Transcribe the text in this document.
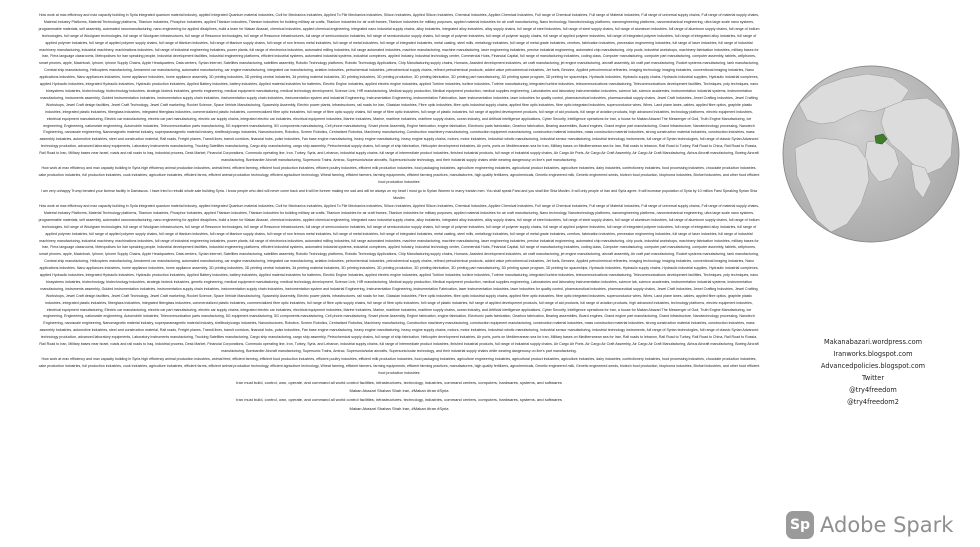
How work at max efficiency and max capacity building in Syria integrated quantum material industry, applied Integrated Quantum material industries, Civil for Mechanics industries, Applied To File Mechanics industries, Silicon Industries, Applied Silicon Industries, Chemical Industries, Applied Chemical Industries, Full range of Chemical industries, Full range of Material industries, Full range of universal supply chains, Full range of material supply chains, Material Industry Platforms, Material Technology platforms, Titanium industries, Phosphor Industries, applied Titanium industries, Titanium industries for building military air crafts, Titanium industries for air craft frames, Titanium industries for military purposes, applied material industries for air craft manufacturing, Nano technology, Nanotechnology platforms, nanoengineering platforms, nanomechanical engineering, ultra large scale nano systems, programmable materials, self assembly, automated nanomanufacturing, nano engineering for applied disciplines, build a team for Makan Abazari, chemical industries, applied chemical engineering, integrated nano industrial supply chains, alloy industries, integrated alloy industries, alloy supply chains, full range of steel industries, full range of steel supply chains, full range of aluminum industries, full range of aluminum supply chains, full range of Indium technologies, full range of Woolgram technologies, full range of Woolgram infrastructures, full range of Ressonce technologies, full range of Ressonce infrastructures, full range of semiconductor industries, full range of semiconductor supply chains, full range of polymer industries, full range of polymer supply chains, full range of applied polymer industries, full range of integrated polymer industries, full range of integrated alloy industries, full range of applied polymer industries, full range of applied polymer supply chains, full range of titanium industries, full range of titanium supply chains, full range of non ferrous metal industries, full range of metal industries, full range of integrated industries, metal casting, steel mills, metallurgy industries, full range of metal grade industries, cemfors, fabrication industries, precession engineering industries, full range of laser industries, full range of industrial machinery manufacturing, industrial machinery, machinations industries, full range of industrial engineering industries, power plants, full range of electronics industries, automated milling industries, full range automated industries, machine manufacturing, machine manufacturing, laser engineering industries, precise industrial engineering, automated chip manufacturing, chip pools, industrial workshops, machinery fabrication industries, military bases for Iran, Fiera language classrooms, Metropolises for Iran speaking people, Industrial development facilities, industrial engineering platforms, efficient industrial systems, automated industrial systems, industrial complexes, applied Industry, Industrial technology center, Commercial Hubs, Financial Capital, full range of manufacturing industries, coding class, Computer manufacturing, computer part manufacturing, computer assembly, tablets, cellphones, smart phones, apple, Macintosh, Iphone, Iphone Supply Chains, Apple Headquarters, Data centers, Syrian internet, Satellites manufacturing, satellites assembly, Robotic Technology platforms, Robotic Technology Applications, Chip Manufacturing supply chains, Humans, Assisted development industries, air craft manufacturing, jet engine manufacturing, aircraft assembly, Air craft part manufacturing, Rocket systems manufacturing, tank manufacturing, Combat ship manufacturing, Helicopters manufacturing, Armament car manufacturing, automated manufacturing, car engine manufacturing, integrated car manufacturing, aviation industries, petrochemical industries, petrochemical supply chains, refined petrochemical products, added value petrochemical industries, Jet fuels, Benzine, Applied petrochemical refineries, Imaging technology, imaging industries, conventional imaging industries, Nano applications industries, Nano appliances industries, home appliance industries, home appliance assembly, 3D printing industries, 3D printing central industries, 3d printing material industries, 3D printing industries, 3D printing production, 3D printing fabrication, 3D printing part manufacturing, 3D printing space program, 3D printing for spaceships, Hydraulic industries, Hydraulic supply chains, Hydraulic industrial supplies, Hydraulic industrial complexes, applied Hydraulic industries, integrated Hydraulic industries, Hydraulic production industries, Applied Battery industries, battery industries, Applied material industries for batteries, Electric Engine industries, applied electric engine industries, applied Turbine industries, turbine industries, Turbine manufacturing, integrated turbine industries, telecommunications manufacturing, Telecommunications development facilities, Techniques, poly techniques, nano biosystems industries, biotechnology, biotechnology industries, strategic bioteck industries, genetic engineering, medical equipment manufacturing, medical technology development, Science Link, HIR manufacturing, Medical supply production, Medical equipment production, medical supplies engineering, Laboratories and laboratory instrumentation industries, science lab, science academies, instrumentation industrial systems, instrumentation manufacturing, instruments assembly, Guided instrumentation industries, instrumentation supply chain industries, instrumentation supply chain industries, instrumentation system and industrial Engineering, Instrumentation Engineering, instrumentation Fabrication, laser instrumentation industries, laser industries for quality control, pharmaceutical industries, pharmaceutical supply chains, Jewel Craft Industries, Jewel Crafting Industries, Jewel Crafting Workshops, Jewel Craft design facilities, Jewel Craft Technology, Jewel Craft marketing, Rocket Science, Space Vehicle Manufacturing, Spaceship Assembly, Electric power plants, infrastructures, rail roads for Iran, Glassian industries, Fibre optic industries, fibre optic industrial supply chains, applied fibre optic industries, fibre optic integrated industries, superconductor wires, Wires, Land plane lanes, cables, applied fibre optics, graphite plastic industries, integrated plastic industries, fiberglass industries, integrated fiberglass industries, commercialized plastic industries, commercialized fibre optic industries, full range of fibre optic supply chains, full range of fibre optic industries, full range of plastic industries, full range of applied development products, full range of aid products, full range of aviation products, high advanced industries, technology platforms, electric equipment industries, electrical equipment manufacturing, Electric car manufacturing, electric car part manufacturing, electric car supply chains, integrated electric car industries, electrical equipment industries, Marine Industries, Marine, maritime industries, maritime supply chains, ocean industry, and Artificial intelligence applications, Cyber Security, Intelligence operations for Iran, a house for Makan Abazari The Messenger of God, Truth Engine Manufacturing, Ice engineering, Engineering, nationwide engineering, Automobile industries, Telecommunication parts manufacturing, 5G equipment manufacturing, 5G components manufacturing, Cell phone manufacturing, Smart phone Assembly, Engine fabrication, engine fabrication, Electronic parts fabrication, Gearbox fabrication, Bearing assemblies, Board engines, Grand engine part manufacturing, Grand infrastructure, Nanotechnology processing, Nanotech Engineering, nanoscale engineering, Nanomagnetic material industry, superparamagnetic material industry, shellbody/cargo industries, Nanostructures, Robotics, Screen Robotics, Centralized Robotics, Machinery manufacturing, Construction machinery manufacturing, construction equipment manufacturing, construction material industries, mass construction material industries, strong construction material industries, construction industries, mass assembly industries, automotive industries, steel and construction material, Rail roads, Freight planes, Transit lines, transit corridors, financial hubs, pulse industries, Fan base engine manufacturing, heavy engine manufacturing, heavy engine supply chains, motors, motor industries, Industrial robotic manufacturing, Industrial sensor manufacturing, industrial technology instruments, full range of Syrian technologies, full range of classic Syrian Advanced technology production, advanced laboratory equipments, Laboratory Instruments manufacturing, Trucking Satellites manufacturing, Cargo ship manufacturing, cargo ship assembly, Petrochemical supply chains, full range of ship fabrication, Helicopter development industries, Air ports, ports on Mediterranean sea for Iran, Military bases on Mediterranean sea for Iran, Rail roads to lebanon, Rail Road to Turkey, Rail Road to China, Rail Road to Russia, Rail Road to Iran, Military bases near Israel, roads and rail roads to Iraq, industrial process, Desk Market, Financial Corporations, Commodo operating line, Iron, Turkey, Syria, and Lebanon, industrial supply chains, full range of intermediate product industries, finished industrial products, full range of industrial supply chains, Air Cargo Air Ports, Air Cargo Air Craft Assembly, Air Cargo Air Craft Manufacturing, Airbus Aircraft manufacturing, Boeing Aircraft manufacturing, Bombardier Aircraft manufacturing, Supersonic Trains, Amtrac, Supersonic/solar aircrafts, Supersonic/solar technology, and their industrial supply chains while wearing dangerousy on line's part manufacturing.

How work at max efficiency and max capacity building in Syria high efficiency animal production industries, animal feed, efficient farming, efficient food production industries, efficient poultry industries, efficient milk production industries, food packaging industries, agriculture engineering industries, agricultural product industries, agriculture industries, dairy industries, confectionery industries, food processing industries, chocolate production industries, cake production industries, full production industries, cook industries, agriculture industries, efficient farms, efficient animal production technology, efficient agriculture technology, Wheat farming, efficient farmers, farming equipments, efficient farming practices, manufacturers, high quality fertilizers, agrochemicals, Genetic engineered milk, Genetic engineered seeds, biotech food production, biophoma industries, Biofuel industries, and other food efficient food production industries

I am very unhappy Trump berated your license facility in Damascus. I have tried to rebuild whole sale building Syria. I know people who died will never come back and it will be forever making me sad and will be always on my heart I must go to Syrian Women to marry Iranian men. You shall speak Farsi and you shall like Shia Muslim. It will only people of Iran and Syria agree. It will increase population of Syria by 10 million Farsi Speaking Syrian Shia Muslim

How work at max efficiency and max capacity building in Syria integrated quantum material industry, applied Integrated Quantum material industries, Civil for Mechanics industries, Applied To File Mechanics industries, Silicon Industries, Applied Silicon Industries, Chemical Industries, Applied Chemical Industries, Full range of Chemical industries, Full range of Material industries, Full range of universal supply chains, Full range of material supply chains, Material Industry Platforms, Material Technology platforms, Titanium industries, Phosphor Industries, applied Titanium industries, Titanium industries for building military air crafts, Titanium industries for air craft frames, Titanium industries for military purposes, applied material industries for air craft manufacturing, Nano technology, Nanotechnology platforms, nanoengineering platforms, nanomechanical engineering, ultra large scale nano systems, programmable materials, self assembly, automated nanomanufacturing, nano engineering for applied disciplines, build a team for Makan Abazari, chemical industries, applied chemical engineering, integrated nano industrial supply chains, alloy industries, integrated alloy industries, alloy supply chains, full range of steel industries, full range of steel supply chains, full range of aluminum industries, full range of aluminum supply chains, full range of Indium technologies, full range of Woolgram technologies, full range of Woolgram infrastructures, full range of Ressonce technologies, full range of Ressonce infrastructures, full range of semiconductor industries, full range of semiconductor supply chains, full range of polymer industries, full range of polymer supply chains, full range of applied polymer industries, full range of integrated polymer industries, full range of integrated alloy industries, full range of applied polymer industries, full range of applied polymer supply chains, full range of titanium industries, full range of titanium supply chains, full range of non ferrous metal industries, full range of metal industries, full range of integrated industries, metal casting, steel mills, metallurgy industries, full range of metal grade industries, cemfors, fabrication industries, precession engineering industries, full range of laser industries, full range of industrial machinery manufacturing, industrial machinery, machinations industries, full range of industrial engineering industries, power plants, full range of electronics industries, automated milling industries, full range automated industries, machine manufacturing, machine manufacturing, laser engineering industries, precise industrial engineering, automated chip manufacturing, chip pools, industrial workshops, machinery fabrication industries, military bases for Iran, Fiera language classrooms, Metropolises for Iran speaking people, Industrial development facilities, industrial engineering platforms, efficient industrial systems, automated industrial systems, industrial complexes, applied Industry, Industrial technology center, Commercial Hubs, Financial Capital, full range of manufacturing industries, coding class, Computer manufacturing, computer part manufacturing, computer assembly, tablets, cellphones, smart phones, apple, Macintosh, Iphone, Iphone Supply Chains, Apple Headquarters, Data centers, Syrian internet, Satellites manufacturing, satellites assembly, Robotic Technology platforms, Robotic Technology Applications, Chip Manufacturing supply chains, Humans, Assisted development industries, air craft manufacturing, jet engine manufacturing, aircraft assembly, Air craft part manufacturing, Rocket systems manufacturing, tank manufacturing, Combat ship manufacturing, Helicopters manufacturing, Armament car manufacturing, automated manufacturing, car engine manufacturing, integrated car manufacturing, aviation industries, petrochemical industries, petrochemical supply chains, refined petrochemical products, added value petrochemical industries, Jet fuels, Benzine, Applied petrochemical refineries, Imaging technology, imaging industries, conventional imaging industries, Nano applications industries, Nano appliances industries, home appliance industries, home appliance assembly, 3D printing industries, 3D printing central industries, 3d printing material industries, 3D printing industries, 3D printing production, 3D printing fabrication, 3D printing part manufacturing, 3D printing space program, 3D printing for spaceships, Hydraulic industries, Hydraulic supply chains, Hydraulic industrial supplies, Hydraulic industrial complexes, applied Hydraulic industries, integrated Hydraulic industries, Hydraulic production industries, Applied Battery industries, battery industries, Applied material industries for batteries, Electric Engine industries, applied electric engine industries, applied Turbine industries, turbine industries, Turbine manufacturing, integrated turbine industries, telecommunications manufacturing, Telecommunications development facilities, Techniques, poly techniques, nano biosystems industries, biotechnology, biotechnology industries, strategic bioteck industries, genetic engineering, medical equipment manufacturing, medical technology development, Science Link, HIR manufacturing, Medical supply production, Medical equipment production, medical supplies engineering, Laboratories and laboratory instrumentation industries, science lab, science academies, instrumentation industrial systems, instrumentation manufacturing, instruments assembly, Guided instrumentation industries, instrumentation supply chain industries, instrumentation supply chain industries, instrumentation system and industrial Engineering, Instrumentation Engineering, instrumentation Fabrication, laser instrumentation industries, laser industries for quality control, pharmaceutical industries, pharmaceutical supply chains, Jewel Craft Industries, Jewel Crafting Industries, Jewel Crafting Workshops, Jewel Craft design facilities, Jewel Craft Technology, Jewel Craft marketing, Rocket Science, Space Vehicle Manufacturing, Spaceship Assembly, Electric power plants, infrastructures, rail roads for Iran, Glassian industries, Fibre optic industries, fibre optic industrial supply chains, applied fibre optic industries, fibre optic integrated industries, superconductor wires, Wires, Land plane lanes, cables, applied fibre optics, graphite plastic industries, integrated plastic industries, fiberglass industries, integrated fiberglass industries, commercialized plastic industries, commercialized fibre optic industries, full range of fibre optic supply chains, full range of fibre optic industries, full range of plastic industries, full range of applied development products, full range of aid products, full range of aviation products, high advanced industries, technology platforms, electric equipment industries, electrical equipment manufacturing, Electric car manufacturing, electric car part manufacturing, electric car supply chains, integrated electric car industries, electrical equipment industries, Marine Industries, Marine, maritime industries, maritime supply chains, ocean industry, and Artificial intelligence applications, Cyber Security, Intelligence operations for Iran, a house for Makan Abazari The Messenger of God, Truth Engine Manufacturing, Ice engineering, Engineering, nationwide engineering, Automobile industries, Telecommunication parts manufacturing, 5G equipment manufacturing, 5G components manufacturing, Cell phone manufacturing, Smart phone Assembly, Engine fabrication, engine fabrication, Electronic parts fabrication, Gearbox fabrication, Bearing assemblies, Board engines, Grand engine part manufacturing, Grand infrastructure, Nanotechnology processing, Nanotech Engineering, nanoscale engineering, Nanomagnetic material industry, superparamagnetic material industry, shellbody/cargo industries, Nanostructures, Robotics, Screen Robotics, Centralized Robotics, Machinery manufacturing, Construction machinery manufacturing, construction equipment manufacturing, construction material industries, mass construction material industries, strong construction material industries, construction industries, mass assembly industries, automotive industries, steel and construction material, Rail roads, Freight planes, Transit lines, transit corridors, financial hubs, pulse industries, Fan base engine manufacturing, heavy engine manufacturing, heavy engine supply chains, motors, motor industries, Industrial robotic manufacturing, Industrial sensor manufacturing, industrial technology instruments, full range of Syrian technologies, full range of classic Syrian Advanced technology production, advanced laboratory equipments, Laboratory Instruments manufacturing, Trucking Satellites manufacturing, Cargo ship manufacturing, cargo ship assembly, Petrochemical supply chains, full range of ship fabrication, Helicopter development industries, Air ports, ports on Mediterranean sea for Iran, Military bases on Mediterranean sea for Iran, Rail roads to lebanon, Rail Road to Turkey, Rail Road to China, Rail Road to Russia, Rail Road to Iran, Military bases near Israel, roads and rail roads to Iraq, industrial process, Desk Market, Financial Corporations, Commodo operating line, Iron, Turkey, Syria, and Lebanon, industrial supply chains, full range of intermediate product industries, finished industrial products, full range of industrial supply chains, Air Cargo Air Ports, Air Cargo Air Craft Assembly, Air Cargo Air Craft Manufacturing, Airbus Aircraft manufacturing, Boeing Aircraft manufacturing, Bombardier Aircraft manufacturing, Supersonic Trains, Amtrac, Supersonic/solar aircrafts, Supersonic/solar technology, and their industrial supply chains while wearing dangerousy on line's part manufacturing.

How work at max efficiency and max capacity building in Syria high efficiency animal production industries, animal feed, efficient farming, efficient food production industries, efficient poultry industries, efficient milk production industries, food packaging industries, agriculture engineering industries, agricultural product industries, agriculture industries, dairy industries, confectionery industries, food processing industries, chocolate production industries, cake production industries, full production industries, cook industries, agriculture industries, efficient farms, efficient animal production technology, efficient agriculture technology, Wheat farming, efficient farmers, farming equipments, efficient farming practices, manufacturers, high quality fertilizers, agrochemicals, Genetic engineered milk, Genetic engineered seeds, biotech food production, biophoma industries, Biofuel industries, and other food efficient food production industries

Iran must build, control, own, operate, and command all world control facilities, infrastructures, technology, industries, command centers, computers, hardwares, systems, and softwares

Makan Abazari Shahan Shah Iran, #Makan #Iran #Syria

Iran must build, control, own, operate, and command all world control facilities, infrastructures, technology, industries, command centers, computers, hardwares, systems, and softwares

Makan Abazari Shahan Shah Iran, #Makan #Iran #Syria

Makanabazari.wordpress.com
Iranworks.blogspot.com
Advancedpolicies.blogspot.com
Twitter
@try4freedom
@try4freedom2
Sp Adobe Spark
